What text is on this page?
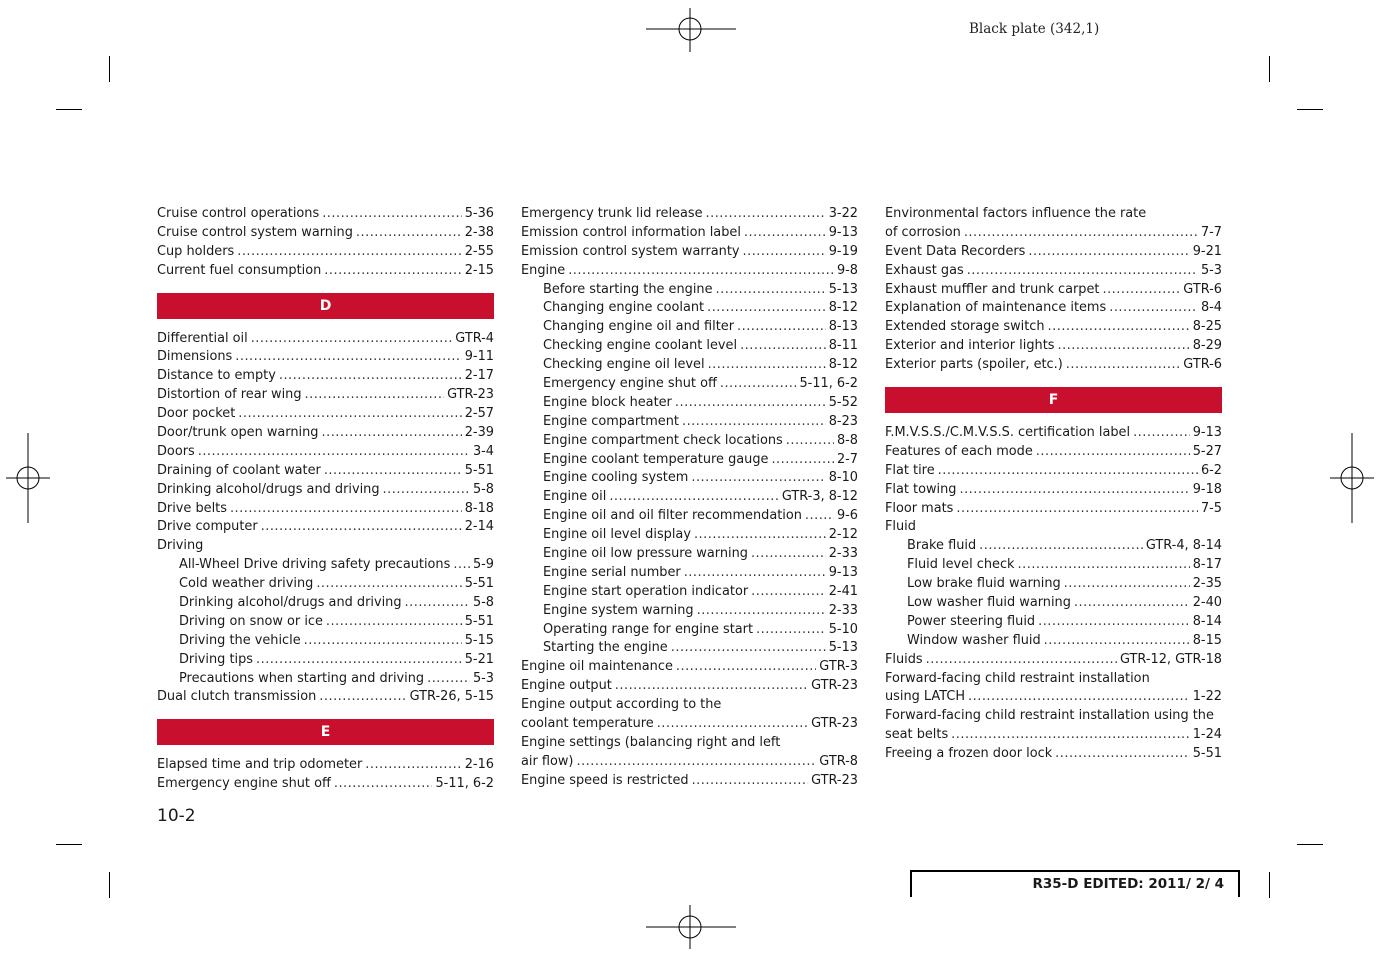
Black plate (342,1)
Cruise control operations .....	5-36
Cruise control system warning .....	2-38
Cup holders .....	2-55
Current fuel consumption .....	2-15
D
Differential oil .....	GTR-4
Dimensions .....	9-11
Distance to empty .....	2-17
Distortion of rear wing .....	GTR-23
Door pocket .....	2-57
Door/trunk open warning .....	2-39
Doors .....	3-4
Draining of coolant water .....	5-51
Drinking alcohol/drugs and driving .....	5-8
Drive belts .....	8-18
Drive computer .....	2-14
Driving
All-Wheel Drive driving safety precautions ..... 5-9
Cold weather driving .....	5-51
Drinking alcohol/drugs and driving .....	5-8
Driving on snow or ice .....	5-51
Driving the vehicle .....	5-15
Driving tips .....	5-21
Precautions when starting and driving .....	5-3
Dual clutch transmission .....	GTR-26, 5-15
E
Elapsed time and trip odometer .....	2-16
Emergency engine shut off .....	5-11, 6-2
Emergency trunk lid release .....	3-22
Emission control information label .....	9-13
Emission control system warranty .....	9-19
Engine .....	9-8
Before starting the engine .....	5-13
Changing engine coolant .....	8-12
Changing engine oil and filter .....	8-13
Checking engine coolant level .....	8-11
Checking engine oil level .....	8-12
Emergency engine shut off .....	5-11, 6-2
Engine block heater .....	5-52
Engine compartment .....	8-23
Engine compartment check locations .....	8-8
Engine coolant temperature gauge .....	2-7
Engine cooling system .....	8-10
Engine oil .....	GTR-3, 8-12
Engine oil and oil filter recommendation .....	9-6
Engine oil level display .....	2-12
Engine oil low pressure warning .....	2-33
Engine serial number .....	9-13
Engine start operation indicator .....	2-41
Engine system warning .....	2-33
Operating range for engine start .....	5-10
Starting the engine .....	5-13
Engine oil maintenance .....	GTR-3
Engine output .....	GTR-23
Engine output according to the
coolant temperature .....	GTR-23
Engine settings (balancing right and left
air flow) .....	GTR-8
Engine speed is restricted .....	GTR-23
Environmental factors influence the rate
of corrosion .....	7-7
Event Data Recorders .....	9-21
Exhaust gas .....	5-3
Exhaust muffler and trunk carpet .....	GTR-6
Explanation of maintenance items .....	8-4
Extended storage switch .....	8-25
Exterior and interior lights .....	8-29
Exterior parts (spoiler, etc.) .....	GTR-6
F
F.M.V.S.S./C.M.V.S.S. certification label .....	9-13
Features of each mode .....	5-27
Flat tire .....	6-2
Flat towing .....	9-18
Floor mats .....	7-5
Fluid
Brake fluid .....	GTR-4, 8-14
Fluid level check .....	8-17
Low brake fluid warning .....	2-35
Low washer fluid warning .....	2-40
Power steering fluid .....	8-14
Window washer fluid .....	8-15
Fluids .....	GTR-12, GTR-18
Forward-facing child restraint installation
using LATCH .....	1-22
Forward-facing child restraint installation using the
seat belts .....	1-24
Freeing a frozen door lock .....	5-51
10-2
R35-D EDITED: 2011/ 2/ 4
